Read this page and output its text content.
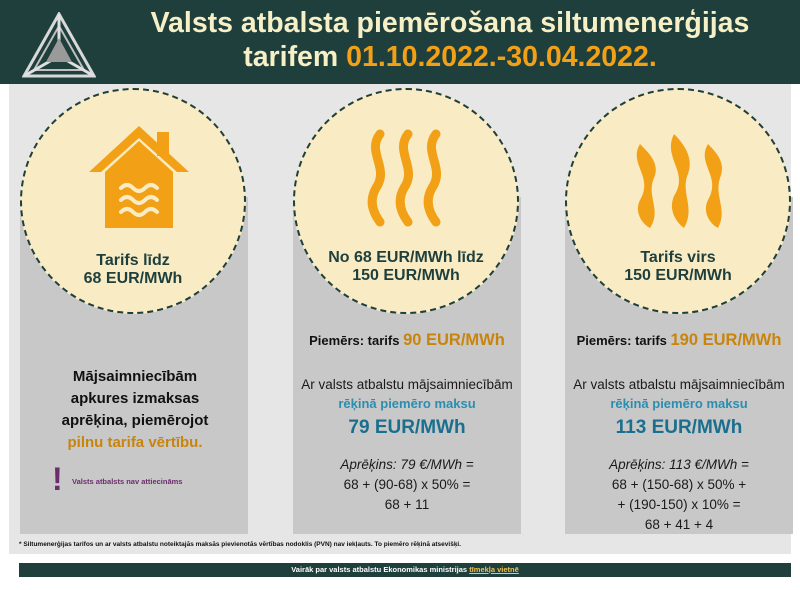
Valsts atbalsta piemērošana siltumenerģijas
tarifem 01.10.2022.-30.04.2022.
Tarifs līdz
68 EUR/MWh
No 68 EUR/MWh līdz
150 EUR/MWh
Tarifs virs
150 EUR/MWh
Mājsaimniecībām
apkures izmaksas
aprēķina, piemērojot
pilnu tarifa vērtību.
! Valsts atbalsts nav attiecināms
Piemērs: tarifs 90 EUR/MWh
Ar valsts atbalstu mājsaimniecībām
rēķinā piemēro maksu
79 EUR/MWh
Aprēķins: 79 €/MWh =
68 + (90-68) x 50% =
68 + 11
Piemērs: tarifs 190 EUR/MWh
Ar valsts atbalstu mājsaimniecībām
rēķinā piemēro maksu
113 EUR/MWh
Aprēķins: 113 €/MWh =
68 + (150-68) x 50% +
+ (190-150) x 10% =
68 + 41 + 4
* Siltumenerģijas tarifos un ar valsts atbalstu noteiktajās maksās pievienotās vērtības nodoklis (PVN) nav iekļauts. To piemēro rēķinā atsevišķi.
Vairāk par valsts atbalstu Ekonomikas ministrijas tīmekļa vietnē
